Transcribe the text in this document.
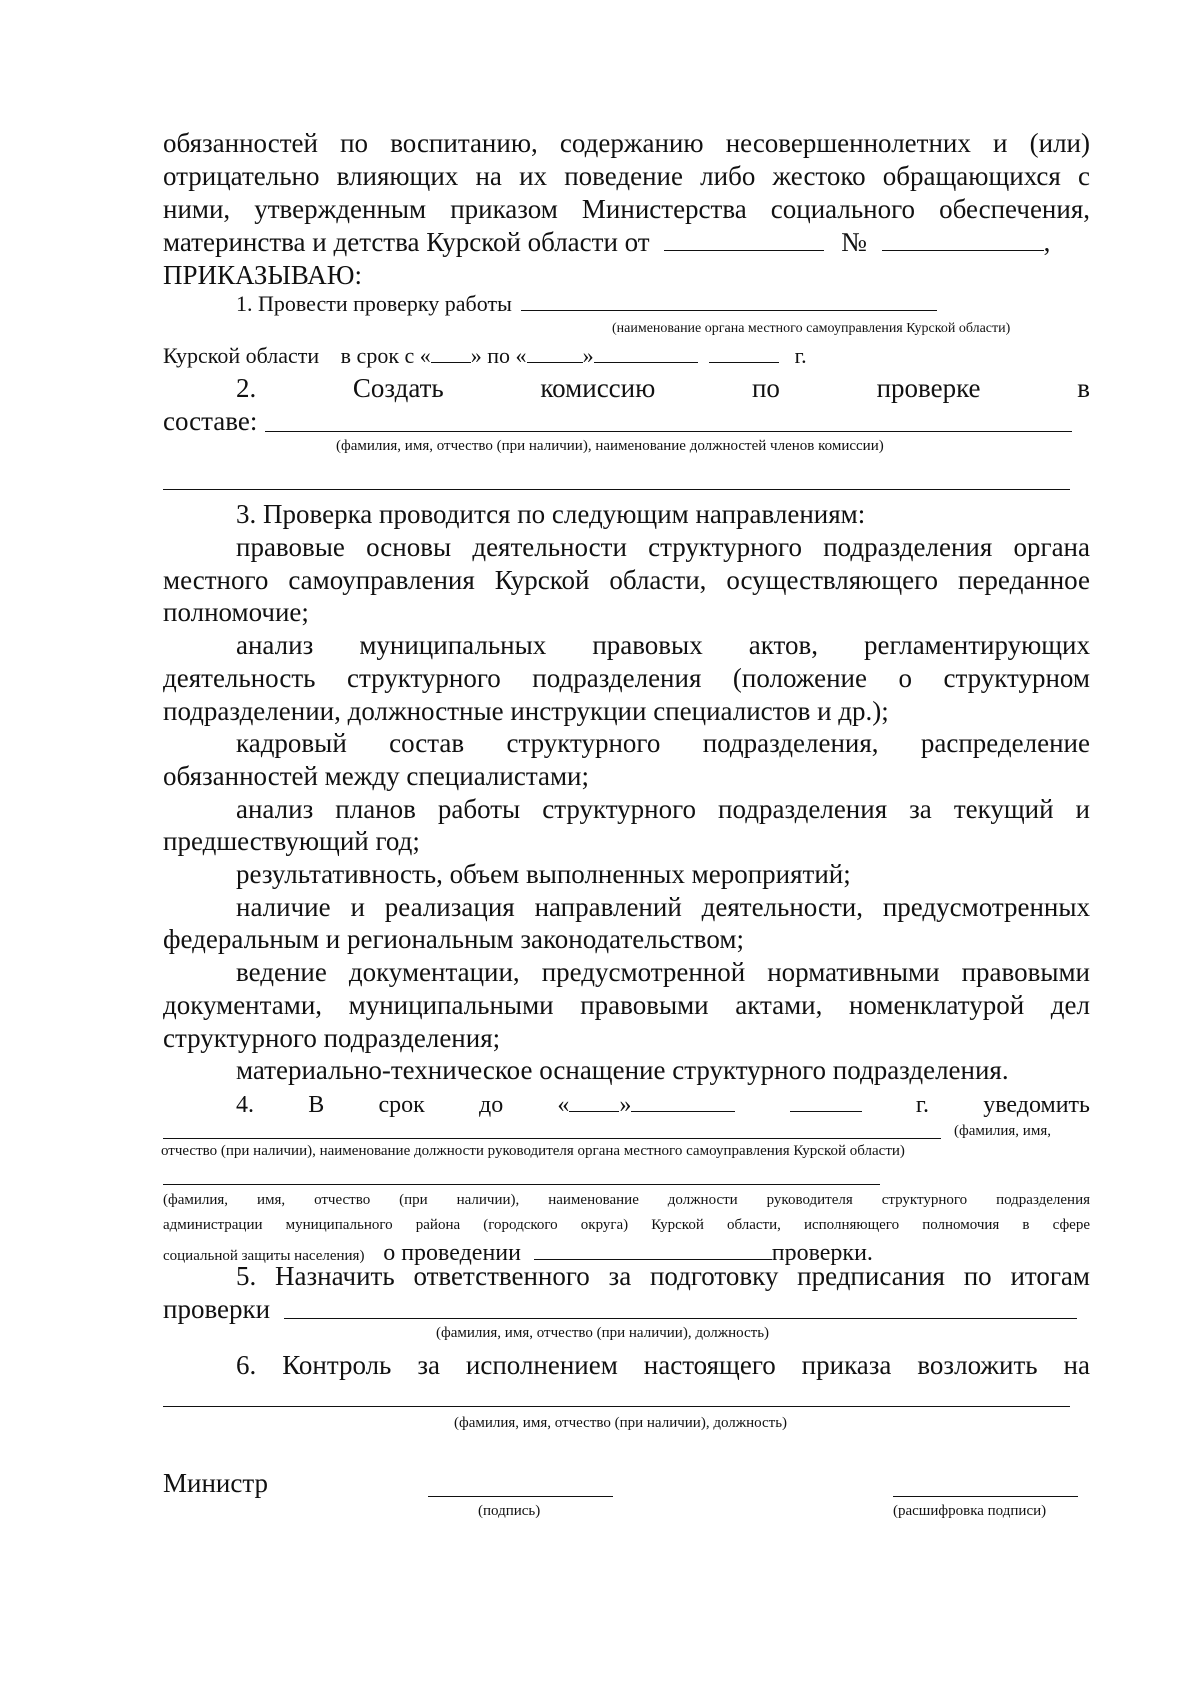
обязанностей по воспитанию, содержанию несовершеннолетних и (или)
отрицательно влияющих на их поведение либо жестоко обращающихся с
ними, утвержденным приказом Министерства социального обеспечения,
материнства и детства Курской области от	№	,
ПРИКАЗЫВАЮ:
1. Провести проверку работы
(наименование органа местного самоуправления Курской области)
Курской области в срок с « » по «	»	г.
2.	Создать	комиссию	по	проверке	в
составе:
(фамилия, имя, отчество (при наличии), наименование должностей членов комиссии)
3. Проверка проводится по следующим направлениям:
правовые основы деятельности структурного подразделения органа
местного самоуправления Курской области, осуществляющего переданное
полномочие;
анализ муниципальных правовых актов, регламентирующих
деятельность структурного подразделения (положение о структурном
подразделении, должностные инструкции специалистов и др.);
кадровый состав структурного подразделения, распределение
обязанностей между специалистами;
анализ планов работы структурного подразделения за текущий и
предшествующий год;
результативность, объем выполненных мероприятий;
наличие и реализация направлений деятельности, предусмотренных
федеральным и региональным законодательством;
ведение документации, предусмотренной нормативными правовыми
документами, муниципальными правовыми актами, номенклатурой дел
структурного подразделения;
материально-техническое оснащение структурного подразделения.
4. В срок до « »	г. уведомить
(фамилия, имя,
отчество (при наличии), наименование должности руководителя органа местного самоуправления Курской области)
(фамилия, имя, отчество (при наличии), наименование должности руководителя структурного подразделения
администрации муниципального района (городского округа) Курской области, исполняющего полномочия в сфере
социальной защиты населения) о проведении	проверки.
5. Назначить ответственного за подготовку предписания по итогам
проверки
(фамилия, имя, отчество (при наличии), должность)
6. Контроль за исполнением настоящего приказа возложить на
(фамилия, имя, отчество (при наличии), должность)
Министр
(подпись)	(расшифровка подписи)
